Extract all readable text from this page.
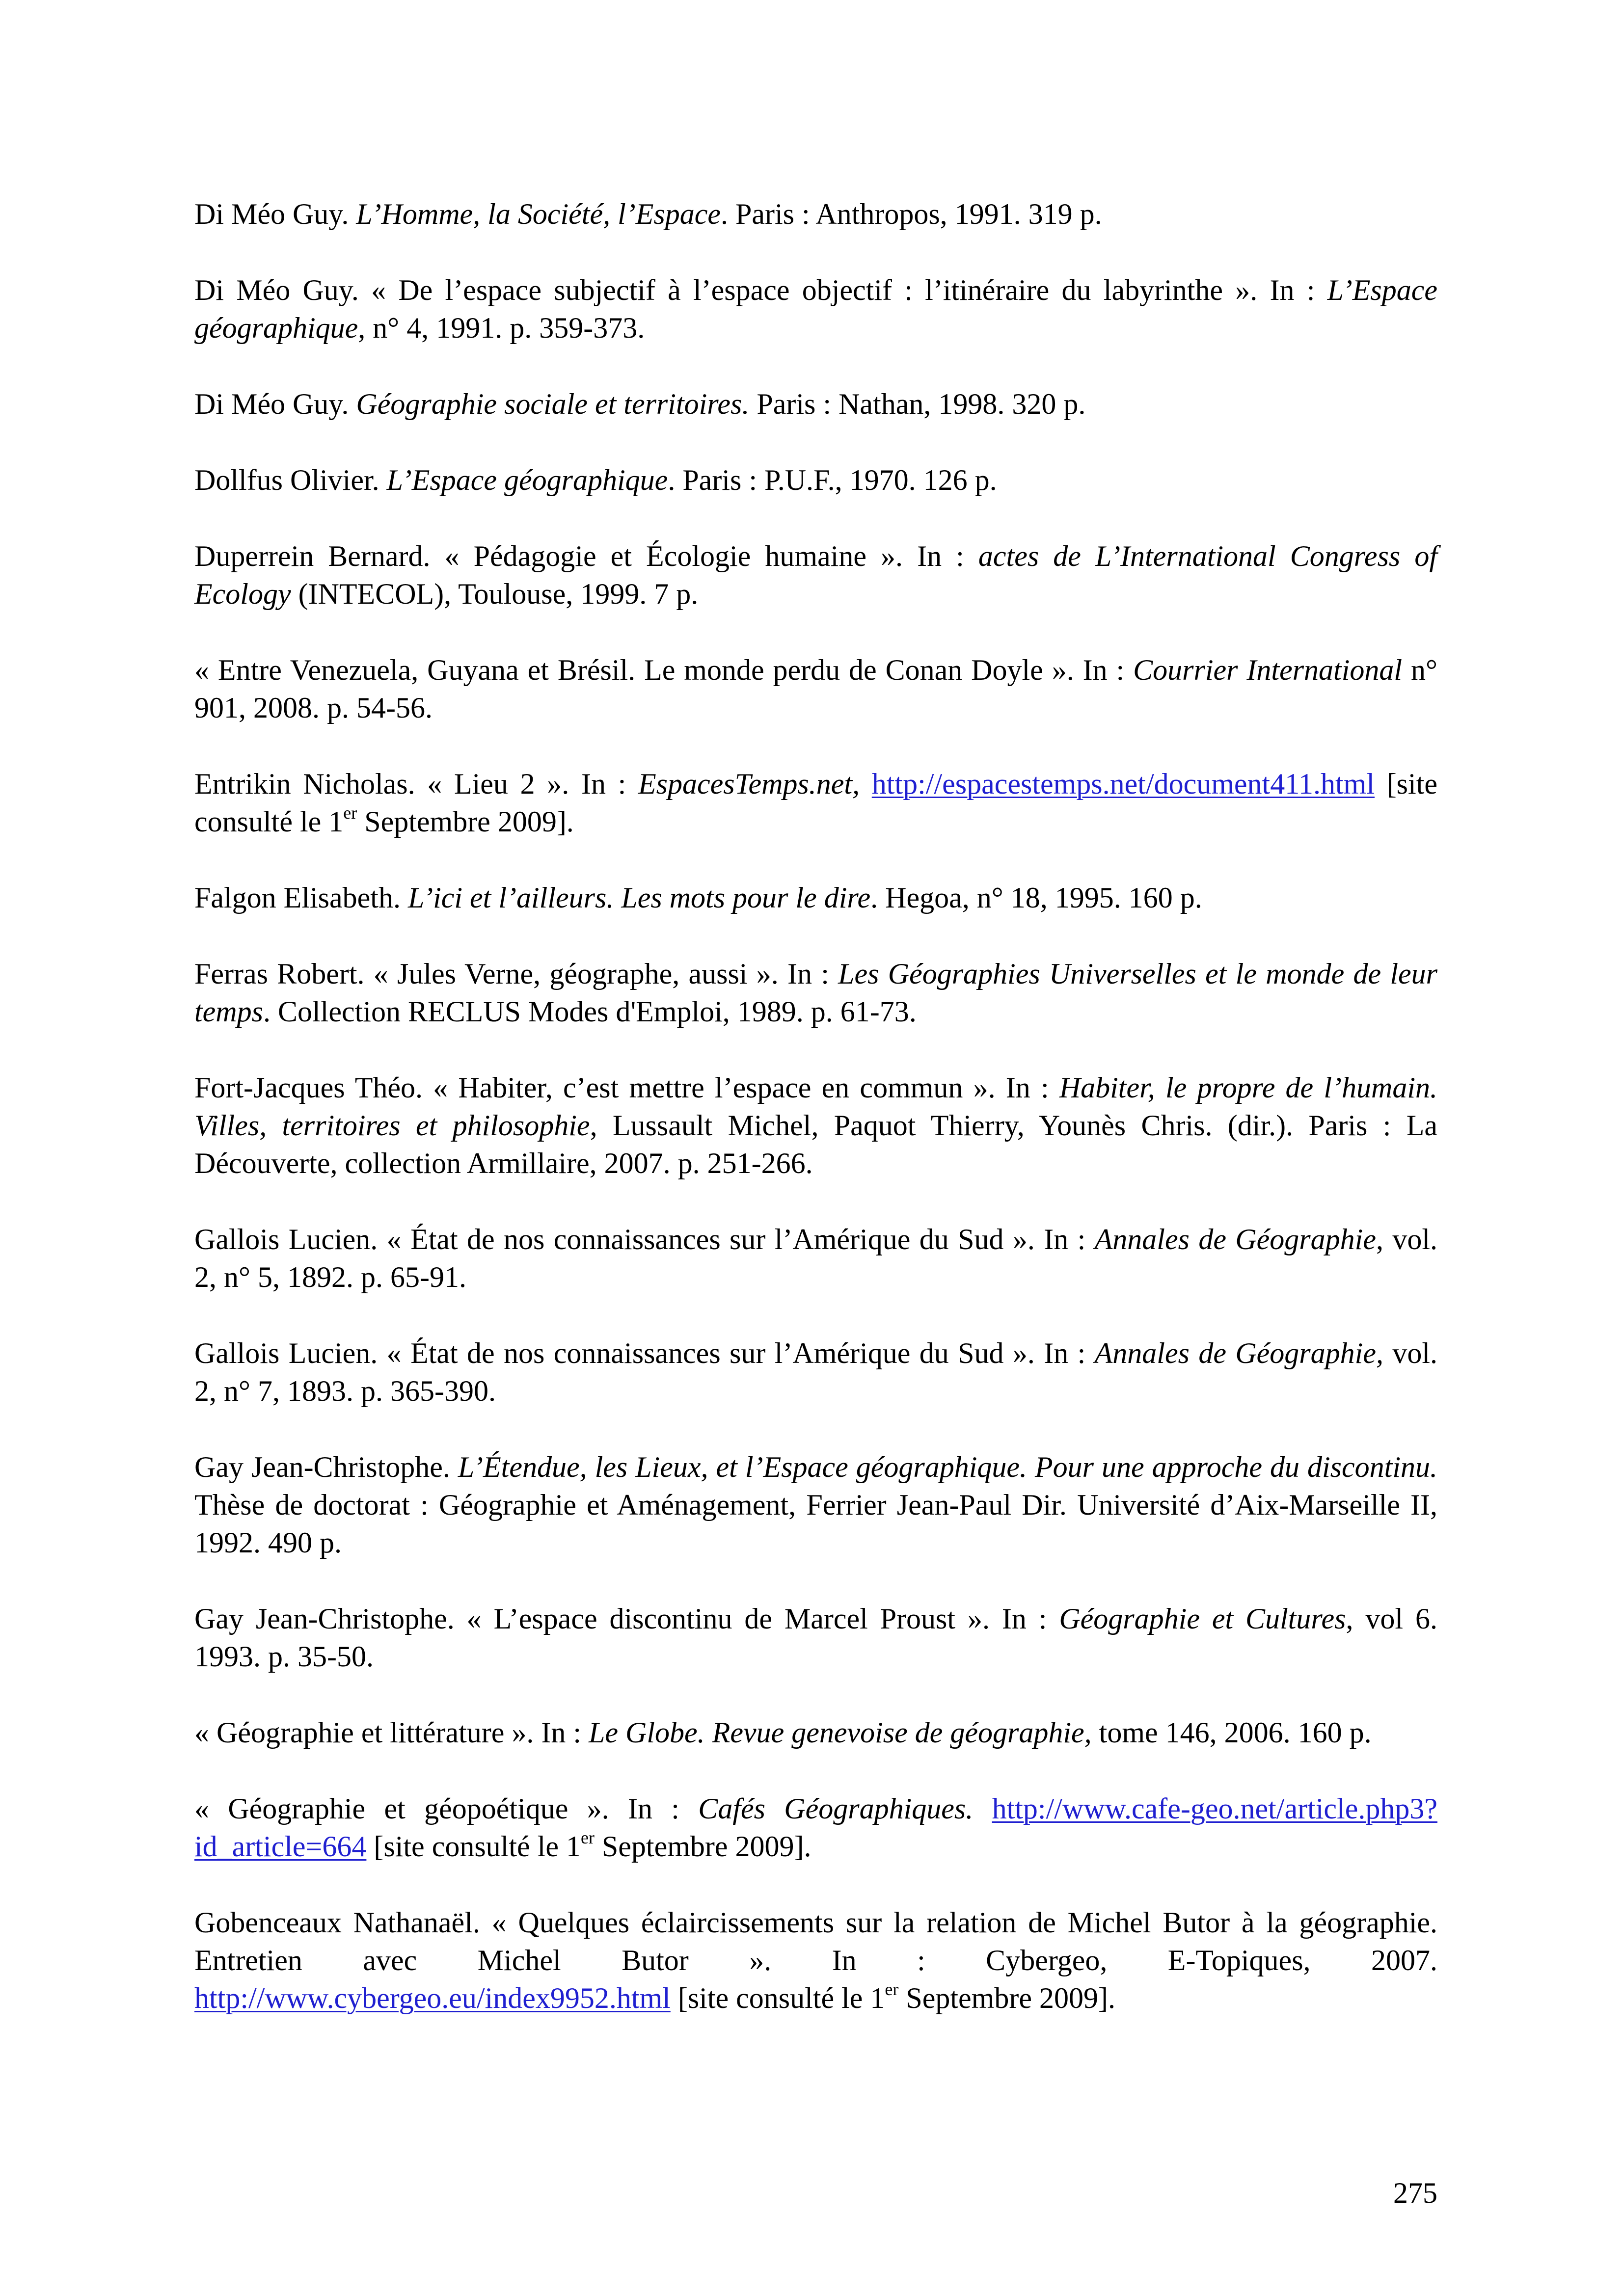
Di Méo Guy. L’Homme, la Société, l’Espace. Paris : Anthropos, 1991. 319 p.
Di Méo Guy. « De l’espace subjectif à l’espace objectif : l’itinéraire du labyrinthe ». In : L’Espace géographique, n° 4, 1991. p. 359-373.
Di Méo Guy. Géographie sociale et territoires. Paris : Nathan, 1998. 320 p.
Dollfus Olivier. L’Espace géographique. Paris : P.U.F., 1970. 126 p.
Duperrein Bernard. « Pédagogie et Écologie humaine ». In : actes de L’International Congress of Ecology (INTECOL), Toulouse, 1999. 7 p.
« Entre Venezuela, Guyana et Brésil. Le monde perdu de Conan Doyle ». In : Courrier International n° 901, 2008. p. 54-56.
Entrikin Nicholas. « Lieu 2 ». In : EspacesTemps.net, http://espacestemps.net/document411.html [site consulté le 1er Septembre 2009].
Falgon Elisabeth. L’ici et l’ailleurs. Les mots pour le dire. Hegoa, n° 18, 1995. 160 p.
Ferras Robert. « Jules Verne, géographe, aussi ». In : Les Géographies Universelles et le monde de leur temps. Collection RECLUS Modes d'Emploi, 1989. p. 61-73.
Fort-Jacques Théo. « Habiter, c’est mettre l’espace en commun ». In : Habiter, le propre de l’humain. Villes, territoires et philosophie, Lussault Michel, Paquot Thierry, Younès Chris. (dir.). Paris : La Découverte, collection Armillaire, 2007. p. 251-266.
Gallois Lucien. « État de nos connaissances sur l’Amérique du Sud ». In : Annales de Géographie, vol. 2, n° 5, 1892. p. 65-91.
Gallois Lucien. « État de nos connaissances sur l’Amérique du Sud ». In : Annales de Géographie, vol. 2, n° 7, 1893. p. 365-390.
Gay Jean-Christophe. L’Étendue, les Lieux, et l’Espace géographique. Pour une approche du discontinu. Thèse de doctorat : Géographie et Aménagement, Ferrier Jean-Paul Dir. Université d’Aix-Marseille II, 1992. 490 p.
Gay Jean-Christophe. « L’espace discontinu de Marcel Proust ». In : Géographie et Cultures, vol 6. 1993. p. 35-50.
« Géographie et littérature ». In : Le Globe. Revue genevoise de géographie, tome 146, 2006. 160 p.
« Géographie et géopoétique ». In : Cafés Géographiques. http://www.cafe-geo.net/article.php3?id_article=664 [site consulté le 1er Septembre 2009].
Gobenceaux Nathanaël. « Quelques éclaircissements sur la relation de Michel Butor à la géographie. Entretien avec Michel Butor ». In : Cybergeo, E-Topiques, 2007. http://www.cybergeo.eu/index9952.html [site consulté le 1er Septembre 2009].
275
